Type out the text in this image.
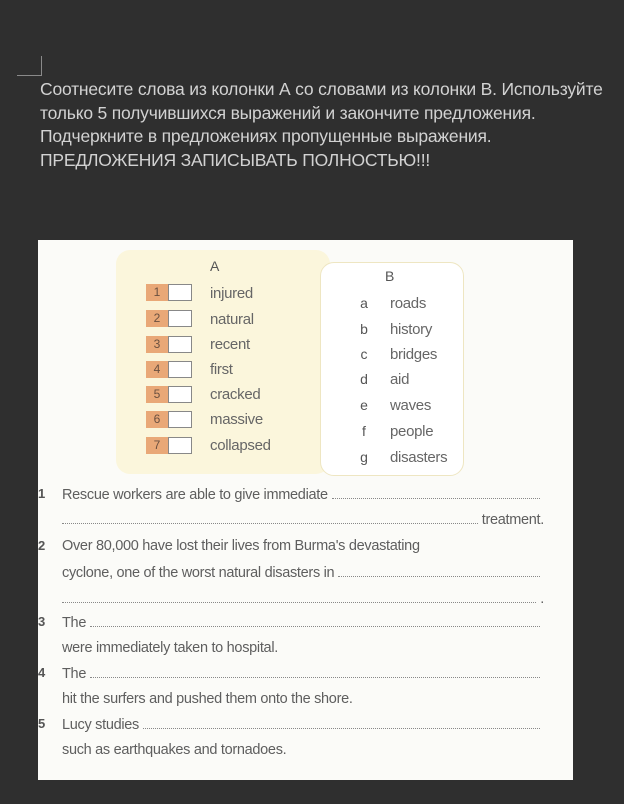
Соотнесите слова из колонки А со словами из колонки В. Используйте только 5 получившихся выражений и закончите предложения. Подчеркните в предложениях пропущенные выражения. ПРЕДЛОЖЕНИЯ ЗАПИСЫВАТЬ ПОЛНОСТЬЮ!!!
A
B
1
2
3
4
5
6
7
injured
natural
recent
first
cracked
massive
collapsed
a
b
c
d
e
f
g
roads
history
bridges
aid
waves
people
disasters
1 Rescue workers are able to give immediate
treatment.
2 Over 80,000 have lost their lives from Burma's devastating
cyclone, one of the worst natural disasters in
.
3 The
were immediately taken to hospital.
4 The
hit the surfers and pushed them onto the shore.
5 Lucy studies
such as earthquakes and tornadoes.
